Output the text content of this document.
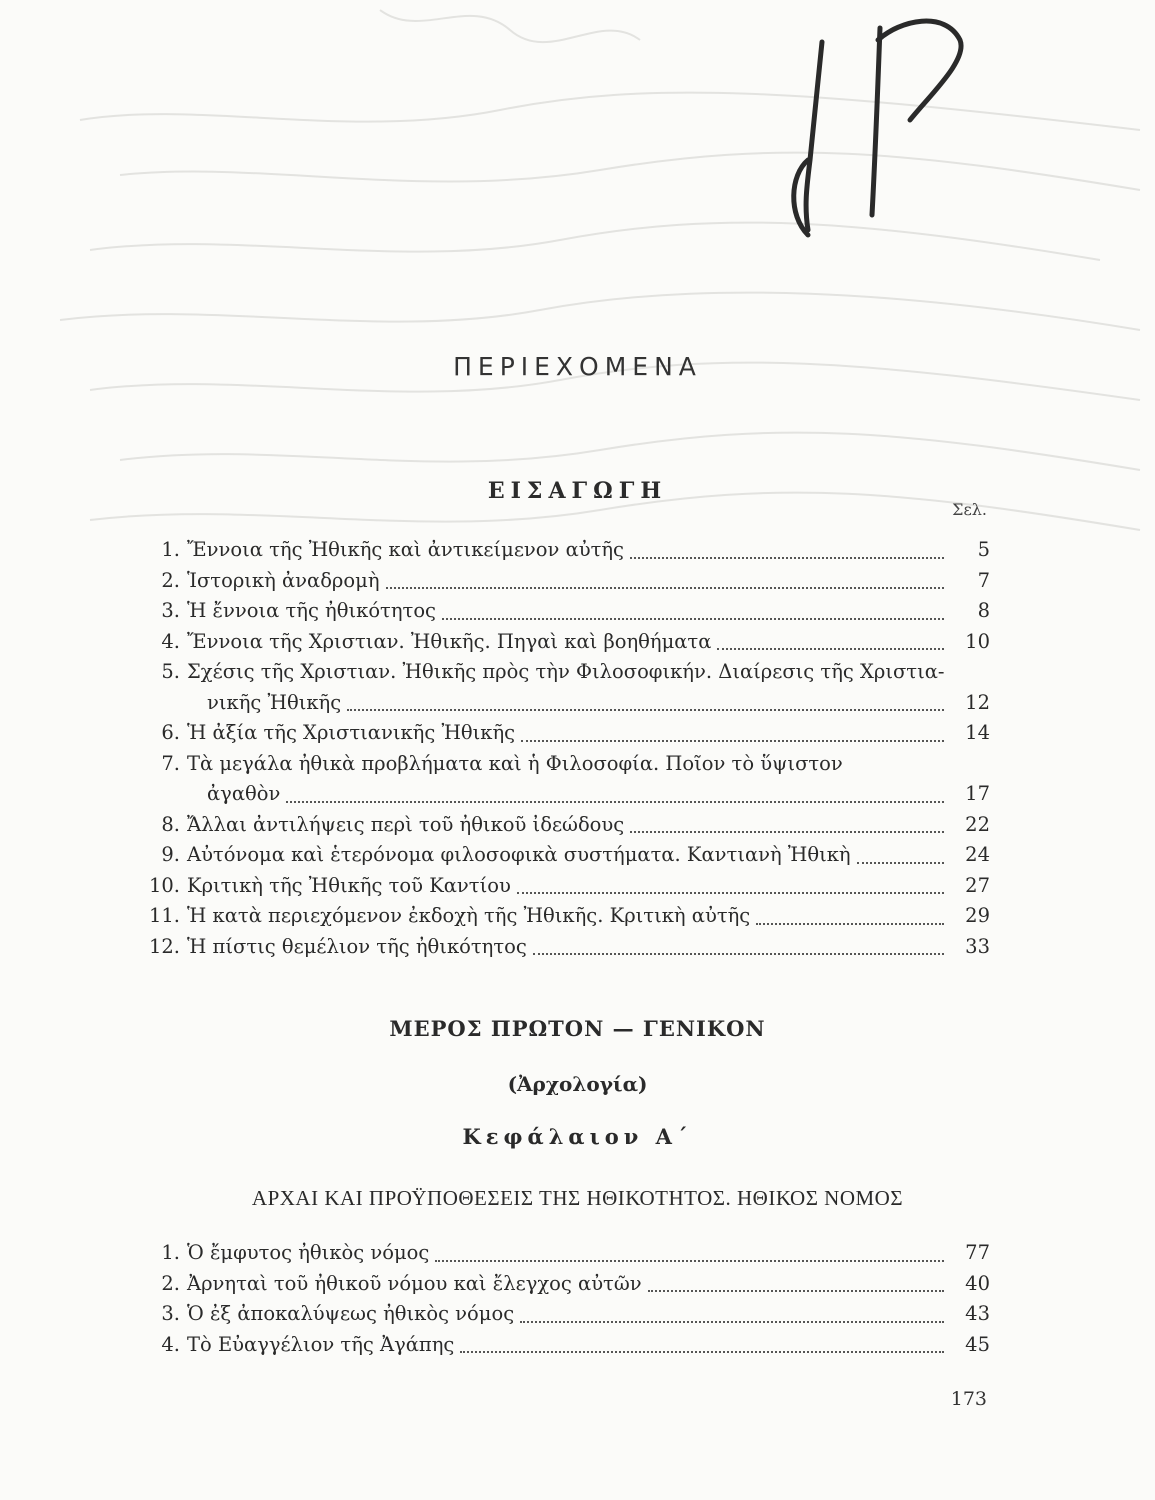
ΠΕΡΙΕΧΟΜΕΝΑ
ΕΙΣΑΓΩΓΗ
Σελ.
1. Ἔννοια τῆς Ἠθικῆς καὶ ἀντικείμενον αὐτῆς	5
2. Ἱστορικὴ ἀναδρομὴ	7
3. Ἡ ἔννοια τῆς ἠθικότητος	8
4. Ἔννοια τῆς Χριστιαν. Ἠθικῆς. Πηγαὶ καὶ βοηθήματα	10
5. Σχέσις τῆς Χριστιαν. Ἠθικῆς πρὸς τὴν Φιλοσοφικήν. Διαίρεσις τῆς Χριστια-
νικῆς Ἠθικῆς	12
6. Ἡ ἀξία τῆς Χριστιανικῆς Ἠθικῆς	14
7. Τὰ μεγάλα ἠθικὰ προβλήματα καὶ ἡ Φιλοσοφία. Ποῖον τὸ ὕψιστον
ἀγαθὸν	17
8. Ἄλλαι ἀντιλήψεις περὶ τοῦ ἠθικοῦ ἰδεώδους	22
9. Αὐτόνομα καὶ ἑτερόνομα φιλοσοφικὰ συστήματα. Καντιανὴ Ἠθικὴ	24
10. Κριτικὴ τῆς Ἠθικῆς τοῦ Καντίου	27
11. Ἡ κατὰ περιεχόμενον ἐκδοχὴ τῆς Ἠθικῆς. Κριτικὴ αὐτῆς	29
12. Ἡ πίστις θεμέλιον τῆς ἠθικότητος	33
ΜΕΡΟΣ ΠΡΩΤΟΝ — ΓΕΝΙΚΟΝ
(Ἀρχολογία)
Κεφάλαιον Α΄
ΑΡΧΑΙ ΚΑΙ ΠΡΟΫΠΟΘΕΣΕΙΣ ΤΗΣ ΗΘΙΚΟΤΗΤΟΣ. ΗΘΙΚΟΣ ΝΟΜΟΣ
1. Ὁ ἔμφυτος ἠθικὸς νόμος	77
2. Ἀρνηταὶ τοῦ ἠθικοῦ νόμου καὶ ἔλεγχος αὐτῶν	40
3. Ὁ ἐξ ἀποκαλύψεως ἠθικὸς νόμος	43
4. Τὸ Εὐαγγέλιον τῆς Ἀγάπης	45
173
